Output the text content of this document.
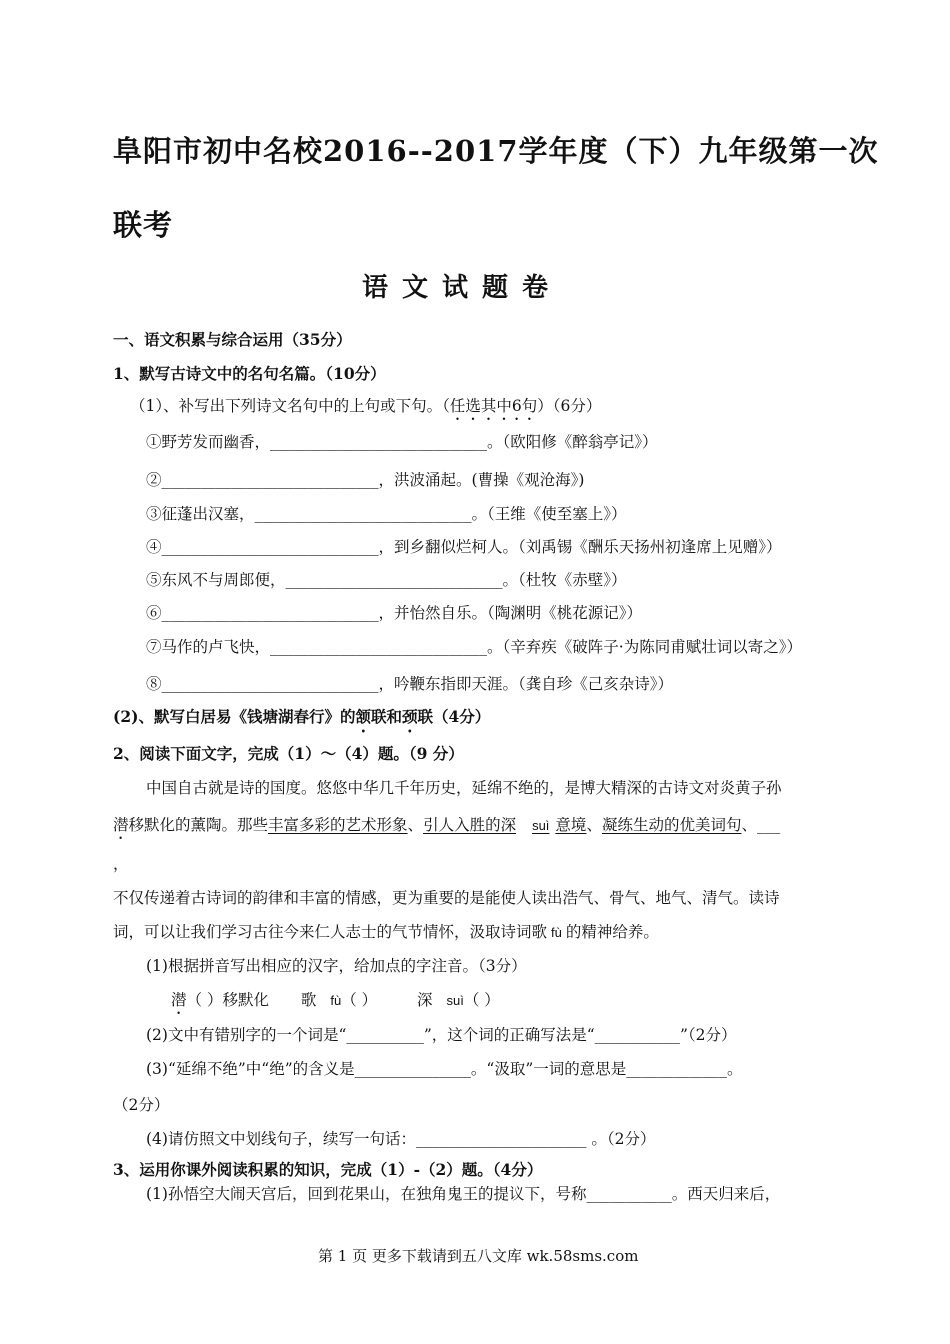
阜阳市初中名校2016--2017学年度（下）九年级第一次
联考
语文试题卷
一、语文积累与综合运用（35分）
1、默写古诗文中的名句名篇。（10分）
（1）、补写出下列诗文名句中的上句或下句。（任选其中6句）（6分）
①野芳发而幽香，____________________________。（欧阳修《醉翁亭记》）
②____________________________，洪波涌起。(曹操《观沧海》)
③征蓬出汉塞，____________________________。（王维《使至塞上》）
④____________________________，到乡翻似烂柯人。（刘禹锡《酬乐天扬州初逢席上见赠》）
⑤东风不与周郎便，____________________________。（杜牧《赤壁》）
⑥____________________________，并怡然自乐。（陶渊明《桃花源记》）
⑦马作的卢飞快，____________________________。（辛弃疾《破阵子·为陈同甫赋壮词以寄之》）
⑧____________________________，吟鞭东指即天涯。（龚自珍《己亥杂诗》）
(2)、默写白居易《钱塘湖春行》的颔联和颈联（4分）
2、阅读下面文字，完成（1）～（4）题。（9 分）
中国自古就是诗的国度。悠悠中华几千年历史，延绵不绝的，是博大精深的古诗文对炎黄子孙
潜移默化的薰陶。那些丰富多彩的艺术形象、引人入胜的深 suì 意境、凝练生动的优美词句、___
，
不仅传递着古诗词的韵律和丰富的情感，更为重要的是能使人读出浩气、骨气、地气、清气。读诗
词，可以让我们学习古往今来仁人志士的气节情怀，汲取诗词歌 fù 的精神给养。
(1)根据拼音写出相应的汉字，给加点的字注音。（3分）
潜（ ）移默化 歌 fù（ ）	深 suì（ ）
(2)文中有错别字的一个词是“__________”，这个词的正确写法是“___________”（2分）
(3)“延绵不绝”中“绝”的含义是_______________。“汲取”一词的意思是_____________。
（2分）
(4)请仿照文中划线句子，续写一句话：______________________ 。（2分）
3、运用你课外阅读积累的知识，完成（1）-（2）题。（4分）
(1)孙悟空大闹天宫后，回到花果山，在独角鬼王的提议下，号称___________。西天归来后，
第 1 页 更多下载请到五八文库 wk.58sms.com
